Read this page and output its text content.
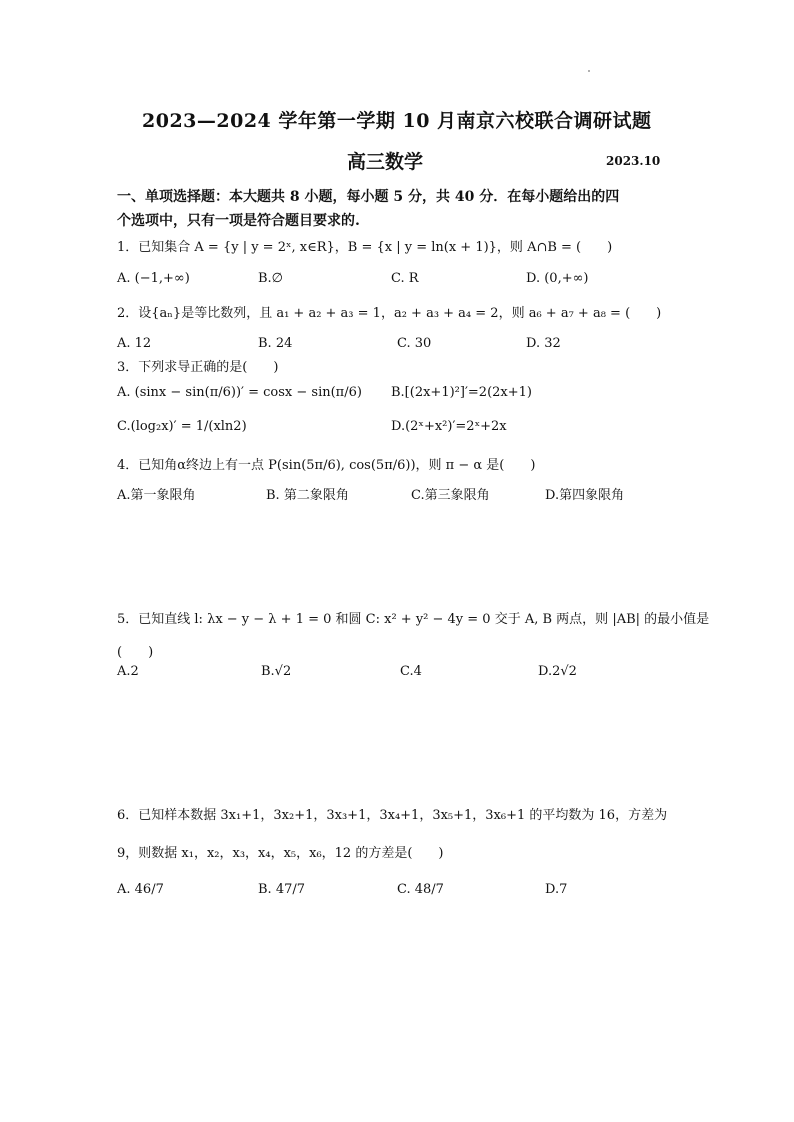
2023—2024 学年第一学期 10 月南京六校联合调研试题
高三数学	2023.10
一、单项选择题：本大题共 8 小题，每小题 5 分，共 40 分．在每小题给出的四
个选项中，只有一项是符合题目要求的.
1．已知集合 A = {y | y = 2ˣ, x∈R}，B = {x | y = ln(x + 1)}，则 A∩B = (　　)
A. (−1,+∞)	B.∅	C. R	D. (0,+∞)
2．设{aₙ}是等比数列，且 a₁ + a₂ + a₃ = 1，a₂ + a₃ + a₄ = 2，则 a₆ + a₇ + a₈ = (　　)
A. 12	B. 24	C. 30	D. 32
3．下列求导正确的是(　　)
A. (sinx − sin(π/6))′ = cosx − sin(π/6) B.[(2x+1)²]′=2(2x+1)
C.(log₂x)′ = 1/(xln2)	D.(2ˣ+x²)′=2ˣ+2x
4．已知角α终边上有一点 P(sin(5π/6), cos(5π/6))，则 π − α 是(　　)
A.第一象限角	B. 第二象限角	C.第三象限角	D.第四象限角
5．已知直线 l: λx − y − λ + 1 = 0 和圆 C: x² + y² − 4y = 0 交于 A, B 两点，则 |AB| 的最小值是
(　　)
A.2	B.√2	C.4	D.2√2
6．已知样本数据 3x₁+1，3x₂+1，3x₃+1，3x₄+1，3x₅+1，3x₆+1 的平均数为 16，方差为
9，则数据 x₁，x₂，x₃，x₄，x₅，x₆，12 的方差是(　　)
A. 46/7	B. 47/7	C. 48/7	D.7
